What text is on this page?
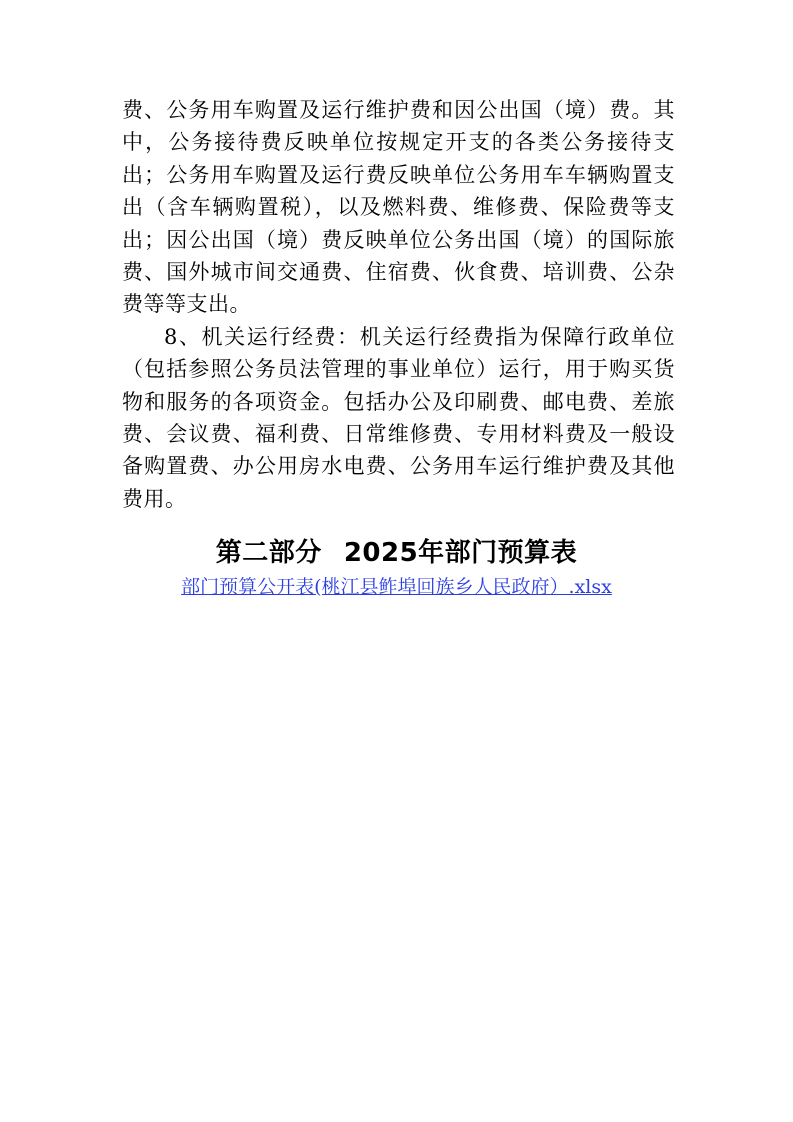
费、公务用车购置及运行维护费和因公出国（境）费。其中，公务接待费反映单位按规定开支的各类公务接待支出；公务用车购置及运行费反映单位公务用车车辆购置支出（含车辆购置税），以及燃料费、维修费、保险费等支出；因公出国（境）费反映单位公务出国（境）的国际旅费、国外城市间交通费、住宿费、伙食费、培训费、公杂费等等支出。

8、机关运行经费：机关运行经费指为保障行政单位（包括参照公务员法管理的事业单位）运行，用于购买货物和服务的各项资金。包括办公及印刷费、邮电费、差旅费、会议费、福利费、日常维修费、专用材料费及一般设备购置费、办公用房水电费、公务用车运行维护费及其他费用。

第二部分 2025年部门预算表
部门预算公开表(桃江县鲊埠回族乡人民政府）.xlsx
